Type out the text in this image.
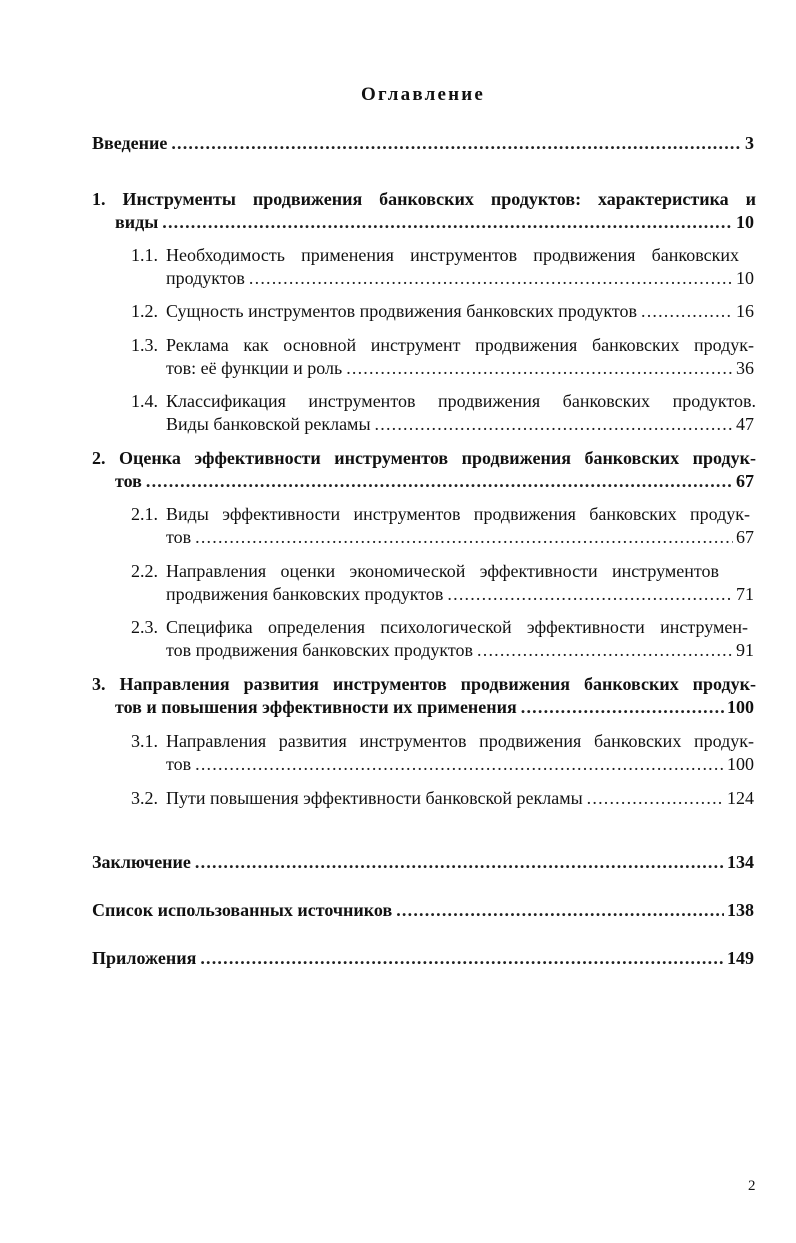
Оглавление
Введение .....	3
1. Инструменты продвижения банковских продуктов: характеристика и
виды .....	10
1.1. Необходимость применения инструментов продвижения банковских
продуктов .....	10
1.2. Сущность инструментов продвижения банковских продуктов .....	16
1.3. Реклама как основной инструмент продвижения банковских продук-
тов: её функции и роль .....	36
1.4. Классификация инструментов продвижения банковских продуктов.
Виды банковской рекламы .....	47
2. Оценка эффективности инструментов продвижения банковских продук-
тов .....	67
2.1. Виды эффективности инструментов продвижения банковских продук-
тов .....	67
2.2. Направления оценки экономической эффективности инструментов
продвижения банковских продуктов .....	71
2.3. Специфика определения психологической эффективности инструмен-
тов продвижения банковских продуктов .....	91
3. Направления развития инструментов продвижения банковских продук-
тов и повышения эффективности их применения .....	100
3.1. Направления развития инструментов продвижения банковских продук-
тов .....	100
3.2. Пути повышения эффективности банковской рекламы .....	124
Заключение .....	134
Список использованных источников .....	138
Приложения .....	149
2
